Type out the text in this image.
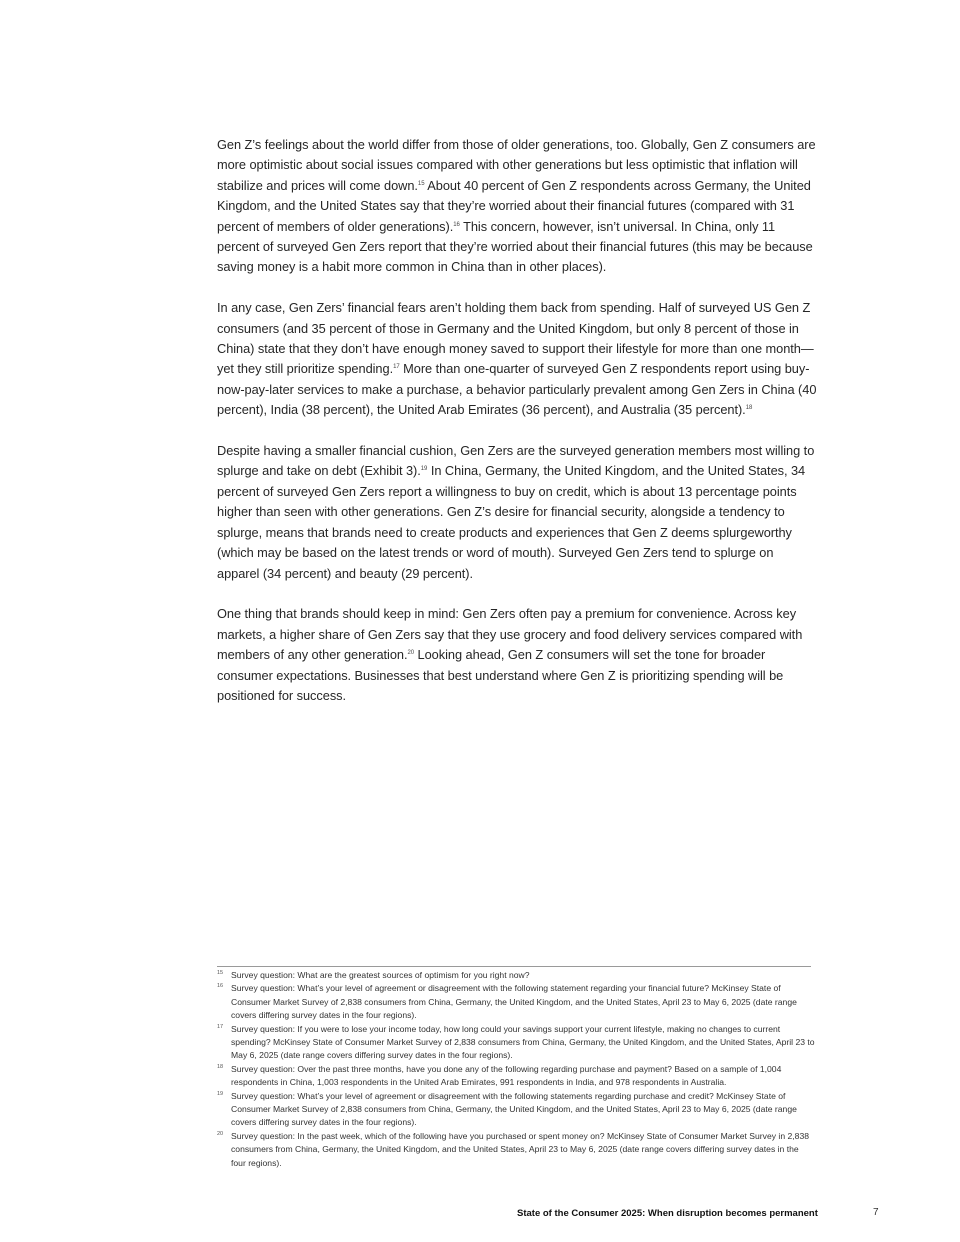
Gen Z’s feelings about the world differ from those of older generations, too. Globally, Gen Z consumers are more optimistic about social issues compared with other generations but less optimistic that inflation will stabilize and prices will come down.$^{15}$ About 40 percent of Gen Z respondents across Germany, the United Kingdom, and the United States say that they’re worried about their financial futures (compared with 31 percent of members of older generations).$^{16}$ This concern, however, isn’t universal. In China, only 11 percent of surveyed Gen Zers report that they’re worried about their financial futures (this may be because saving money is a habit more common in China than in other places).

In any case, Gen Zers’ financial fears aren’t holding them back from spending. Half of surveyed US Gen Z consumers (and 35 percent of those in Germany and the United Kingdom, but only 8 percent of those in China) state that they don’t have enough money saved to support their lifestyle for more than one month—yet they still prioritize spending.$^{17}$ More than one-quarter of surveyed Gen Z respondents report using buy-now-pay-later services to make a purchase, a behavior particularly prevalent among Gen Zers in China (40 percent), India (38 percent), the United Arab Emirates (36 percent), and Australia (35 percent).$^{18}$

Despite having a smaller financial cushion, Gen Zers are the surveyed generation members most willing to splurge and take on debt (Exhibit 3).$^{19}$ In China, Germany, the United Kingdom, and the United States, 34 percent of surveyed Gen Zers report a willingness to buy on credit, which is about 13 percentage points higher than seen with other generations. Gen Z’s desire for financial security, alongside a tendency to splurge, means that brands need to create products and experiences that Gen Z deems splurgeworthy (which may be based on the latest trends or word of mouth). Surveyed Gen Zers tend to splurge on apparel (34 percent) and beauty (29 percent).

One thing that brands should keep in mind: Gen Zers often pay a premium for convenience. Across key markets, a higher share of Gen Zers say that they use grocery and food delivery services compared with members of any other generation.$^{20}$ Looking ahead, Gen Z consumers will set the tone for broader consumer expectations. Businesses that best understand where Gen Z is prioritizing spending will be positioned for success.

15 Survey question: What are the greatest sources of optimism for you right now?
16 Survey question: What’s your level of agreement or disagreement with the following statement regarding your financial future? McKinsey State of Consumer Market Survey of 2,838 consumers from China, Germany, the United Kingdom, and the United States, April 23 to May 6, 2025 (date range covers differing survey dates in the four regions).
17 Survey question: If you were to lose your income today, how long could your savings support your current lifestyle, making no changes to current spending? McKinsey State of Consumer Market Survey of 2,838 consumers from China, Germany, the United Kingdom, and the United States, April 23 to May 6, 2025 (date range covers differing survey dates in the four regions).
18 Survey question: Over the past three months, have you done any of the following regarding purchase and payment? Based on a sample of 1,004 respondents in China, 1,003 respondents in the United Arab Emirates, 991 respondents in India, and 978 respondents in Australia.
19 Survey question: What’s your level of agreement or disagreement with the following statements regarding purchase and credit? McKinsey State of Consumer Market Survey of 2,838 consumers from China, Germany, the United Kingdom, and the United States, April 23 to May 6, 2025 (date range covers differing survey dates in the four regions).
20 Survey question: In the past week, which of the following have you purchased or spent money on? McKinsey State of Consumer Market Survey in 2,838 consumers from China, Germany, the United Kingdom, and the United States, April 23 to May 6, 2025 (date range covers differing survey dates in the four regions).
State of the Consumer 2025: When disruption becomes permanent	7
